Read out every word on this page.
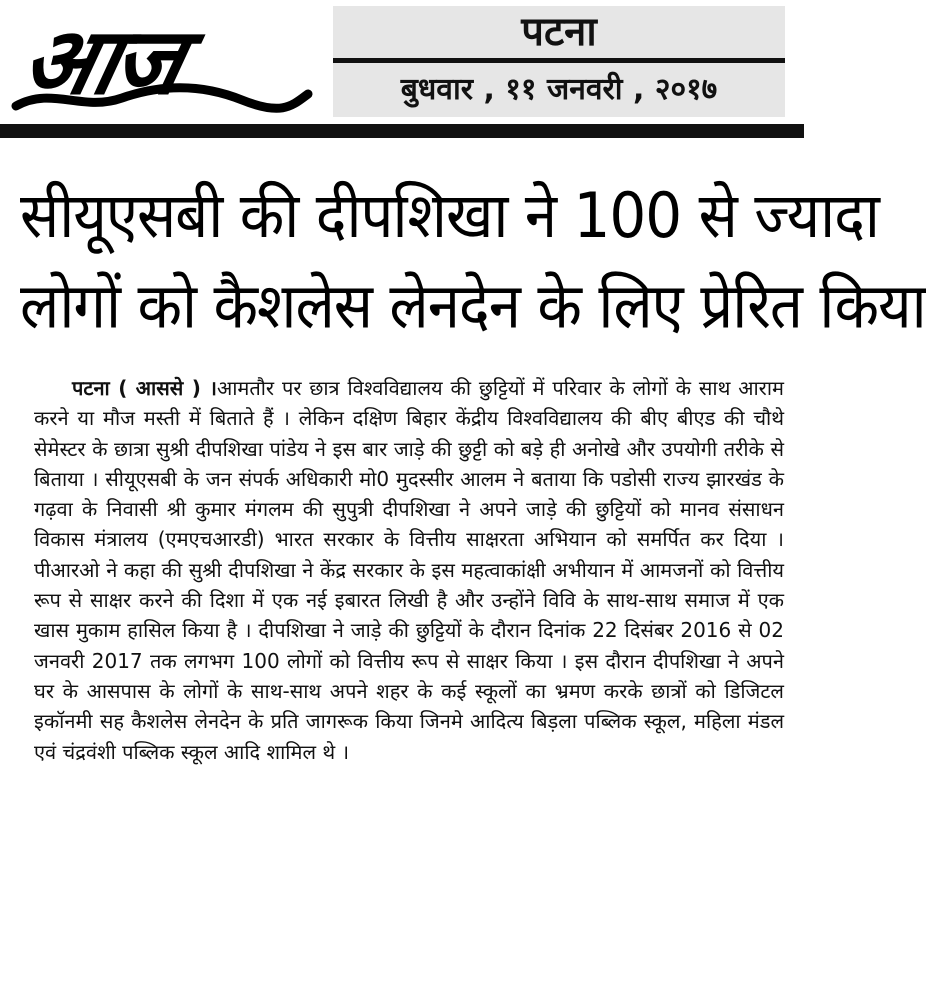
आज	पटना
बुधवार , ११ जनवरी , २०१७
सीयूएसबी की दीपशिखा ने 100 से ज्यादा
लोगों को कैशलेस लेनदेन के लिए प्रेरित किया

पटना ( आससे ) ।आमतौर पर छात्र विश्वविद्यालय की छुट्टियों में परिवार के लोगों के साथ आराम करने या मौज मस्ती में बिताते हैं । लेकिन दक्षिण बिहार केंद्रीय विश्वविद्यालय की बीए बीएड की चौथे सेमेस्टर के छात्रा सुश्री दीपशिखा पांडेय ने इस बार जाड़े की छुट्टी को बड़े ही अनोखे और उपयोगी तरीके से बिताया । सीयूएसबी के जन संपर्क अधिकारी मो0 मुदस्सीर आलम ने बताया कि पडोसी राज्य झारखंड के गढ़वा के निवासी श्री कुमार मंगलम की सुपुत्री दीपशिखा ने अपने जाड़े की छुट्टियों को मानव संसाधन विकास मंत्रालय (एमएचआरडी) भारत सरकार के वित्तीय साक्षरता अभियान को समर्पित कर दिया । पीआरओ ने कहा की सुश्री दीपशिखा ने केंद्र सरकार के इस महत्वाकांक्षी अभीयान में आमजनों को वित्तीय रूप से साक्षर करने की दिशा में एक नई इबारत लिखी है और उन्होंने विवि के साथ-साथ समाज में एक खास मुकाम हासिल किया है । दीपशिखा ने जाड़े की छुट्टियों के दौरान दिनांक 22 दिसंबर 2016 से 02 जनवरी 2017 तक लगभग 100 लोगों को वित्तीय रूप से साक्षर किया । इस दौरान दीपशिखा ने अपने घर के आसपास के लोगों के साथ-साथ अपने शहर के कई स्कूलों का भ्रमण करके छात्रों को डिजिटल इकॉनमी सह कैशलेस लेनदेन के प्रति जागरूक किया जिनमे आदित्य बिड़ला पब्लिक स्कूल, महिला मंडल एवं चंद्रवंशी पब्लिक स्कूल आदि शामिल थे ।
